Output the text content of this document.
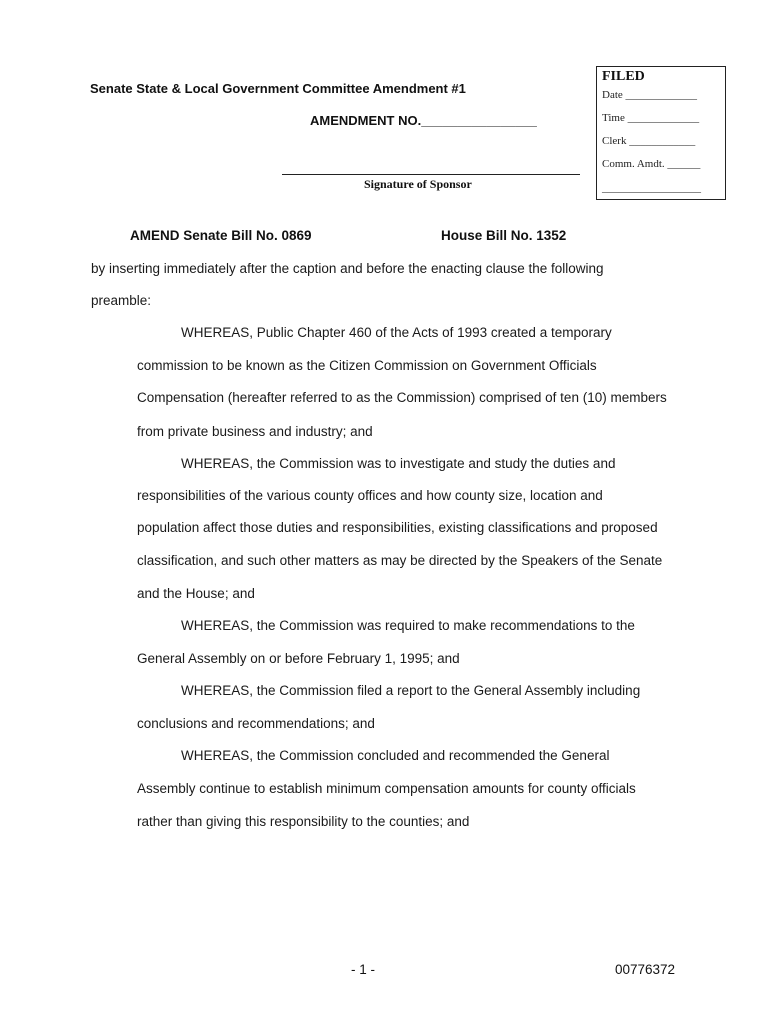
Senate State & Local Government Committee Amendment #1
AMENDMENT NO.________________
Signature of Sponsor
FILED
Date _____________
Time _____________
Clerk ____________
Comm. Amdt. ______
__________________
AMEND Senate Bill No. 0869	House Bill No. 1352
by inserting immediately after the caption and before the enacting clause the following
preamble:
WHEREAS, Public Chapter 460 of the Acts of 1993 created a temporary
commission to be known as the Citizen Commission on Government Officials
Compensation (hereafter referred to as the Commission) comprised of ten (10) members
from private business and industry; and
WHEREAS, the Commission was to investigate and study the duties and
responsibilities of the various county offices and how county size, location and
population affect those duties and responsibilities, existing classifications and proposed
classification, and such other matters as may be directed by the Speakers of the Senate
and the House; and
WHEREAS, the Commission was required to make recommendations to the
General Assembly on or before February 1, 1995; and
WHEREAS, the Commission filed a report to the General Assembly including
conclusions and recommendations; and
WHEREAS, the Commission concluded and recommended the General
Assembly continue to establish minimum compensation amounts for county officials
rather than giving this responsibility to the counties; and
- 1 -	00776372
